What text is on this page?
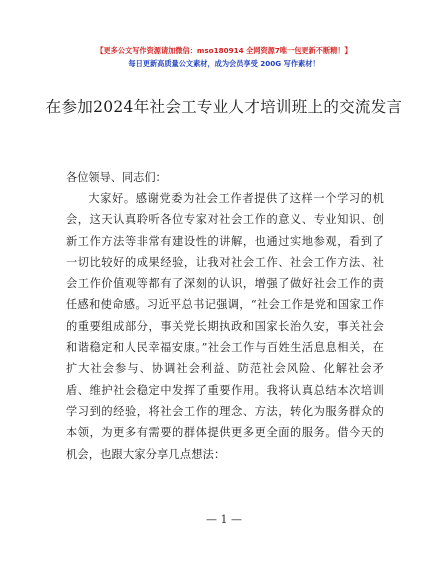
【更多公文写作资源请加微信：mso180914 全网资源7唯一包更新不断精！】
每日更新高质量公文素材，成为会员享受 200G 写作素材！
在参加2024年社会工专业人才培训班上的交流发言

各位领导、同志们：

大家好。感谢党委为社会工作者提供了这样一个学习的机会，这天认真聆听各位专家对社会工作的意义、专业知识、创新工作方法等非常有建设性的讲解，也通过实地参观，看到了一切比较好的成果经验，让我对社会工作、社会工作方法、社会工作价值观等都有了深刻的认识，增强了做好社会工作的责任感和使命感。习近平总书记强调，“社会工作是党和国家工作的重要组成部分，事关党长期执政和国家长治久安，事关社会和谐稳定和人民幸福安康。”社会工作与百姓生活息息相关，在扩大社会参与、协调社会利益、防范社会风险、化解社会矛盾、维护社会稳定中发挥了重要作用。我将认真总结本次培训学习到的经验，将社会工作的理念、方法，转化为服务群众的本领，为更多有需要的群体提供更多更全面的服务。借今天的机会，也跟大家分享几点想法：

— 1 —
